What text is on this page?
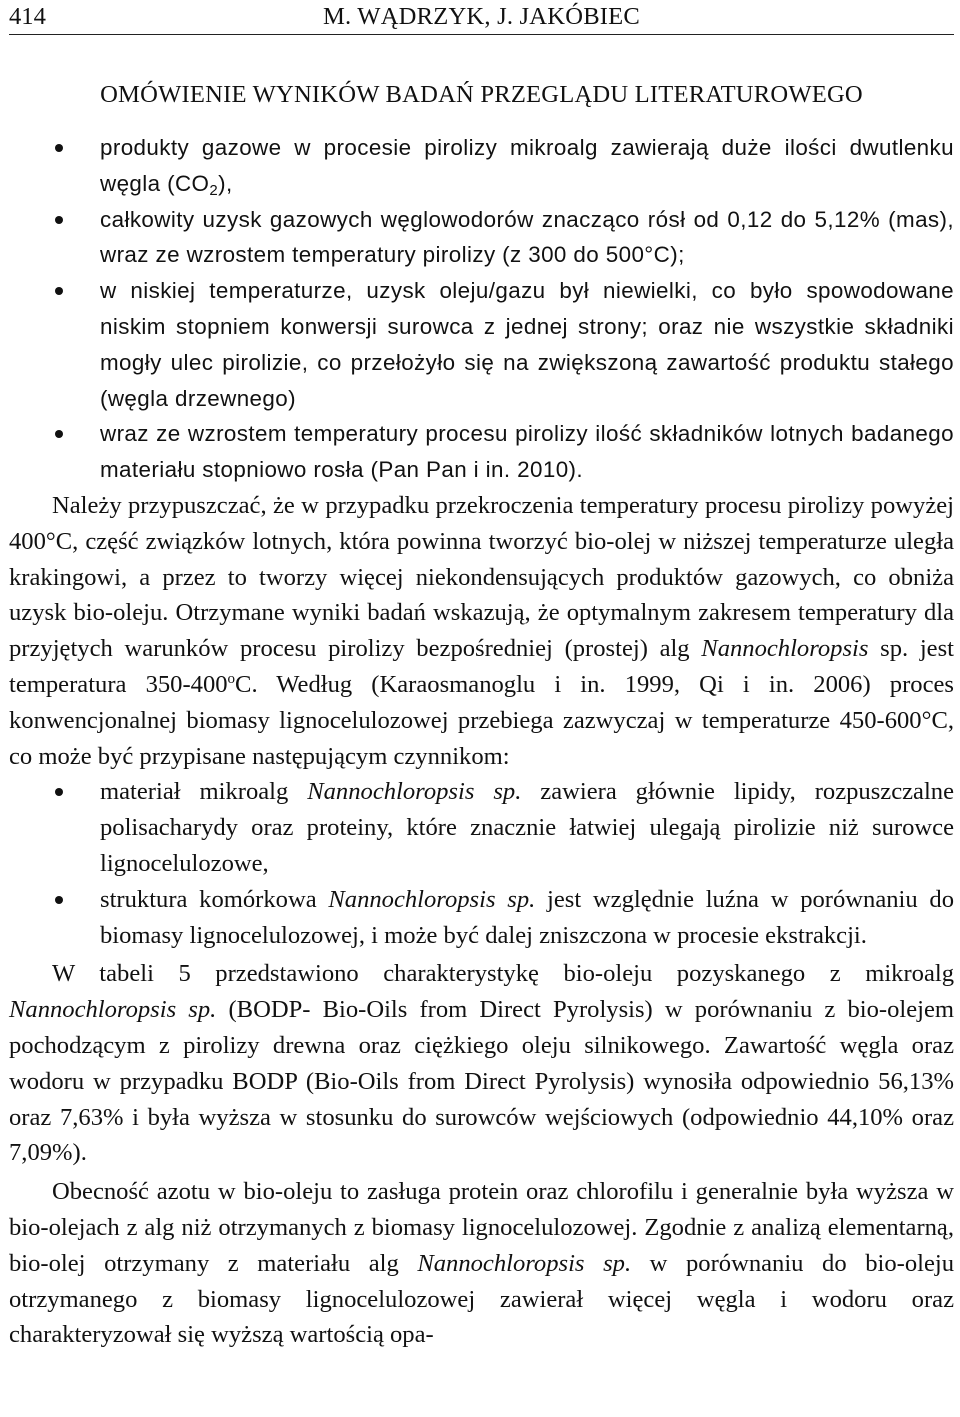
414	M. WĄDRZYK, J. JAKÓBIEC
OMÓWIENIE WYNIKÓW BADAŃ PRZEGLĄDU LITERATUROWEGO
produkty gazowe w procesie pirolizy mikroalg zawierają duże ilości dwutlenku węgla $(CO_2)$,
całkowity uzysk gazowych węglowodorów znacząco rósł od 0,12 do 5,12% (mas), wraz ze wzrostem temperatury pirolizy (z 300 do 500°C);
w niskiej temperaturze, uzysk oleju/gazu był niewielki, co było spowodowane niskim stopniem konwersji surowca z jednej strony; oraz nie wszystkie składniki mogły ulec pirolizie, co przełożyło się na zwiększoną zawartość produktu stałego (węgla drzewnego)
wraz ze wzrostem temperatury procesu pirolizy ilość składników lotnych badanego materiału stopniowo rosła (Pan Pan i in. 2010).

Należy przypuszczać, że w przypadku przekroczenia temperatury procesu pirolizy powyżej 400°C, część związków lotnych, która powinna tworzyć bio-olej w niższej temperaturze uległa krakingowi, a przez to tworzy więcej niekondensujących produktów gazowych, co obniża uzysk bio-oleju. Otrzymane wyniki badań wskazują, że optymalnym zakresem temperatury dla przyjętych warunków procesu pirolizy bezpośredniej (prostej) alg Nannochloropsis sp. jest temperatura 350-400$^o$C. Według (Karaosmanoglu i in. 1999, Qi i in. 2006) proces konwencjonalnej biomasy lignocelulozowej przebiega zazwyczaj w temperaturze 450-600°C, co może być przypisane następującym czynnikom:

materiał mikroalg Nannochloropsis sp. zawiera głównie lipidy, rozpuszczalne polisacharydy oraz proteiny, które znacznie łatwiej ulegają pirolizie niż surowce lignocelulozowe,
struktura komórkowa Nannochloropsis sp. jest względnie luźna w porównaniu do biomasy lignocelulozowej, i może być dalej zniszczona w procesie ekstrakcji.

W tabeli 5 przedstawiono charakterystykę bio-oleju pozyskanego z mikroalg Nannochloropsis sp. (BODP- Bio-Oils from Direct Pyrolysis) w porównaniu z bio-olejem pochodzącym z pirolizy drewna oraz ciężkiego oleju silnikowego. Zawartość węgla oraz wodoru w przypadku BODP (Bio-Oils from Direct Pyrolysis) wynosiła odpowiednio 56,13% oraz 7,63% i była wyższa w stosunku do surowców wejściowych (odpowiednio 44,10% oraz 7,09%).

Obecność azotu w bio-oleju to zasługa protein oraz chlorofilu i generalnie była wyższa w bio-olejach z alg niż otrzymanych z biomasy lignocelulozowej. Zgodnie z analizą elementarną, bio-olej otrzymany z materiału alg Nannochloropsis sp. w porównaniu do bio-oleju otrzymanego z biomasy lignocelulozowej zawierał więcej węgla i wodoru oraz charakteryzował się wyższą wartością opa-
